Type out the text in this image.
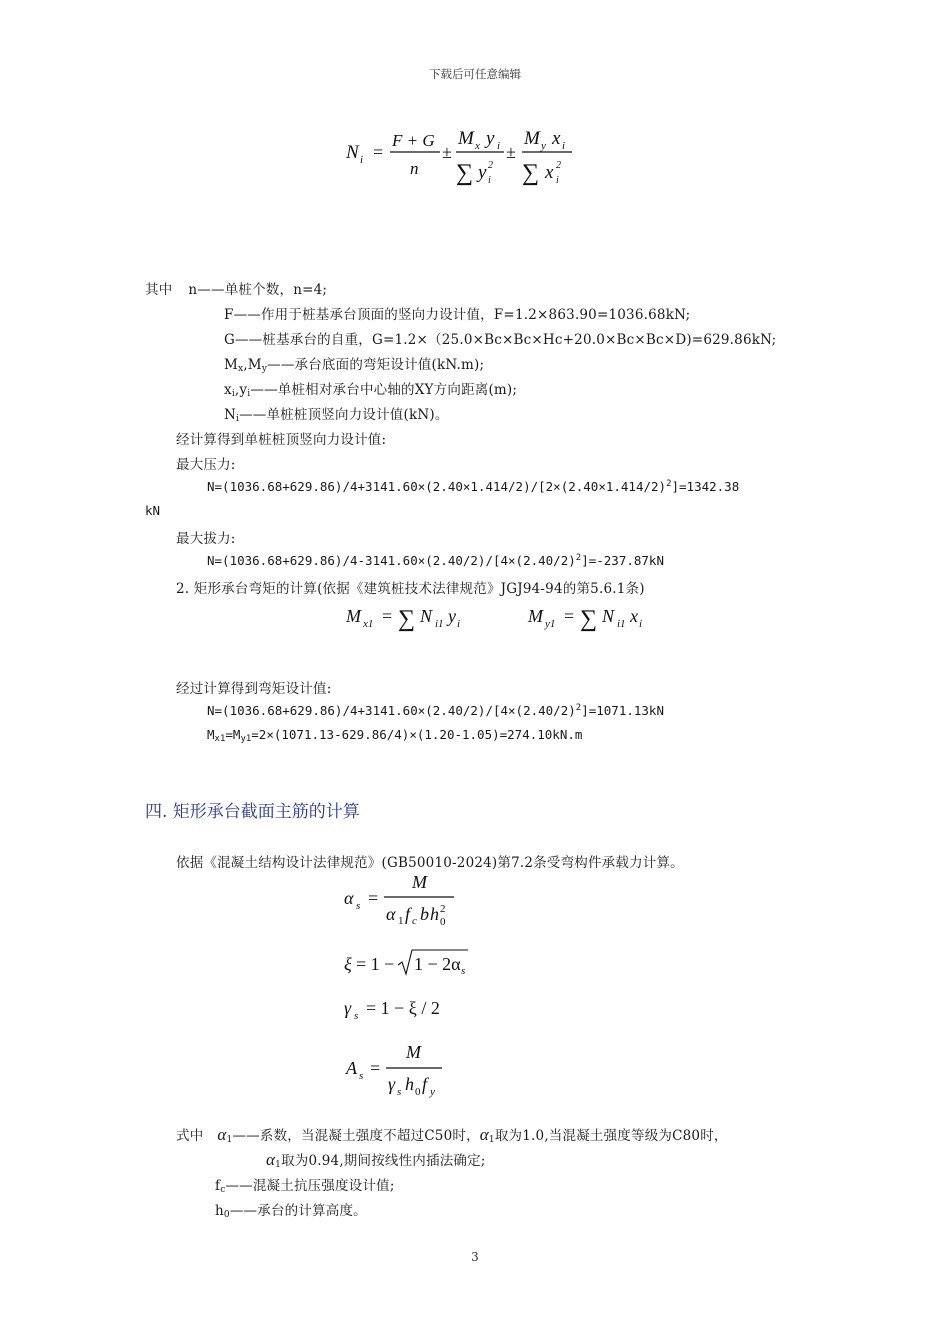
下载后可任意编辑
N i =
F + G
n
±
M x y i
∑ y 2
i
±
M y x i
∑ x 2
i
其中 n——单桩个数，n=4;
F——作用于桩基承台顶面的竖向力设计值，F=1.2×863.90=1036.68kN;
G——桩基承台的自重，G=1.2×（25.0×Bc×Bc×Hc+20.0×Bc×Bc×D)=629.86kN;
$M_x,M_y——$承台底面的弯矩设计值(kN.m);
$x_i,y_i——$单桩相对承台中心轴的XY方向距离(m);
$N_i——$单桩桩顶竖向力设计值(kN)。
经计算得到单桩桩顶竖向力设计值:
最大压力:
$N=(1036.68+629.86)/4+3141.60\times(2.40\times 1.414/2)/[2\times(2.40\times 1.414/2)^2]=1342.38$
kN
最大拔力:
$N=(1036.68+629.86)/4-3141.60\times(2.40/2)/[4\times(2.40/2)^2]=-237.87kN$
2. 矩形承台弯矩的计算(依据《建筑桩技术法律规范》JGJ94-94的第5.6.1条)
M x1 = ∑ N i1 y i	M y1 = ∑ N i1 x i
经过计算得到弯矩设计值:
$N=(1036.68+629.86)/4+3141.60\times(2.40/2)/[4\times(2.40/2)^2]=1071.13kN$
$M_{x1}=M_{y1}=2\times(1071.13-629.86/4)\times(1.20-1.05)=274.10kN.m$
四. 矩形承台截面主筋的计算
依据《混凝土结构设计法律规范》(GB50010-2024)第7.2条受弯构件承载力计算。
α s =
M
α 1 f c b h 2
0
ξ = 1 − 1 − 2α s
γ s = 1 − ξ / 2
A s =
M
γ s h 0 f y
式中 $\alpha_1——$系数，当混凝土强度不超过C50时，$\alpha_1$取为1.0,当混凝土强度等级为C80时，
$\alpha_1$取为0.94,期间按线性内插法确定;
$f_c——$混凝土抗压强度设计值;
$h_0——$承台的计算高度。
3
